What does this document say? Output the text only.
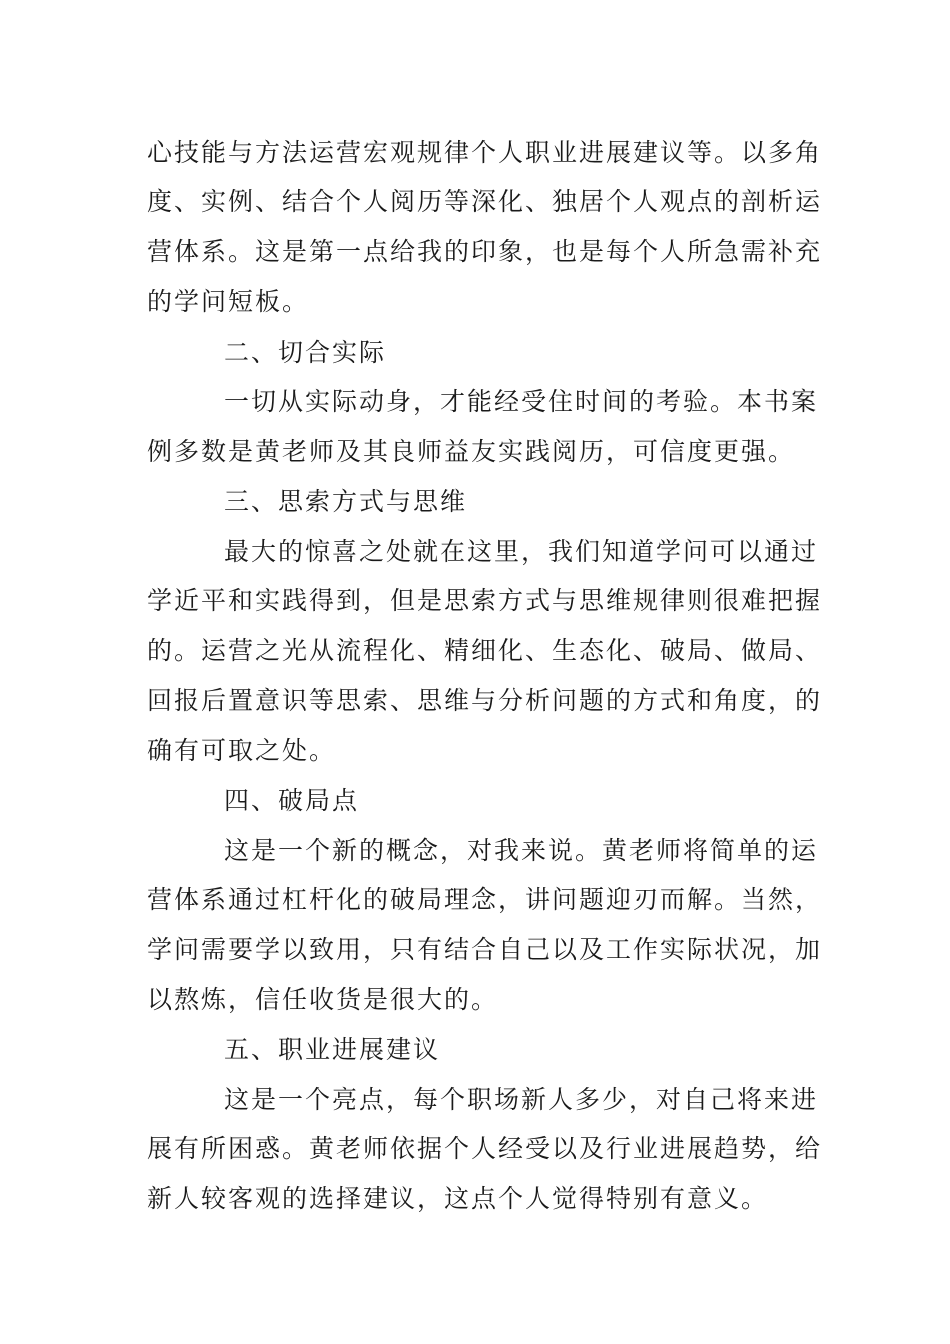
心技能与方法运营宏观规律个人职业进展建议等。以多角
度、实例、结合个人阅历等深化、独居个人观点的剖析运
营体系。这是第一点给我的印象，也是每个人所急需补充
的学问短板。
二、切合实际
一切从实际动身，才能经受住时间的考验。本书案
例多数是黄老师及其良师益友实践阅历，可信度更强。
三、思索方式与思维
最大的惊喜之处就在这里，我们知道学问可以通过
学近平和实践得到，但是思索方式与思维规律则很难把握
的。运营之光从流程化、精细化、生态化、破局、做局、
回报后置意识等思索、思维与分析问题的方式和角度，的
确有可取之处。
四、破局点
这是一个新的概念，对我来说。黄老师将简单的运
营体系通过杠杆化的破局理念，讲问题迎刃而解。当然，
学问需要学以致用，只有结合自己以及工作实际状况，加
以熬炼，信任收货是很大的。
五、职业进展建议
这是一个亮点，每个职场新人多少，对自己将来进
展有所困惑。黄老师依据个人经受以及行业进展趋势，给
新人较客观的选择建议，这点个人觉得特别有意义。
